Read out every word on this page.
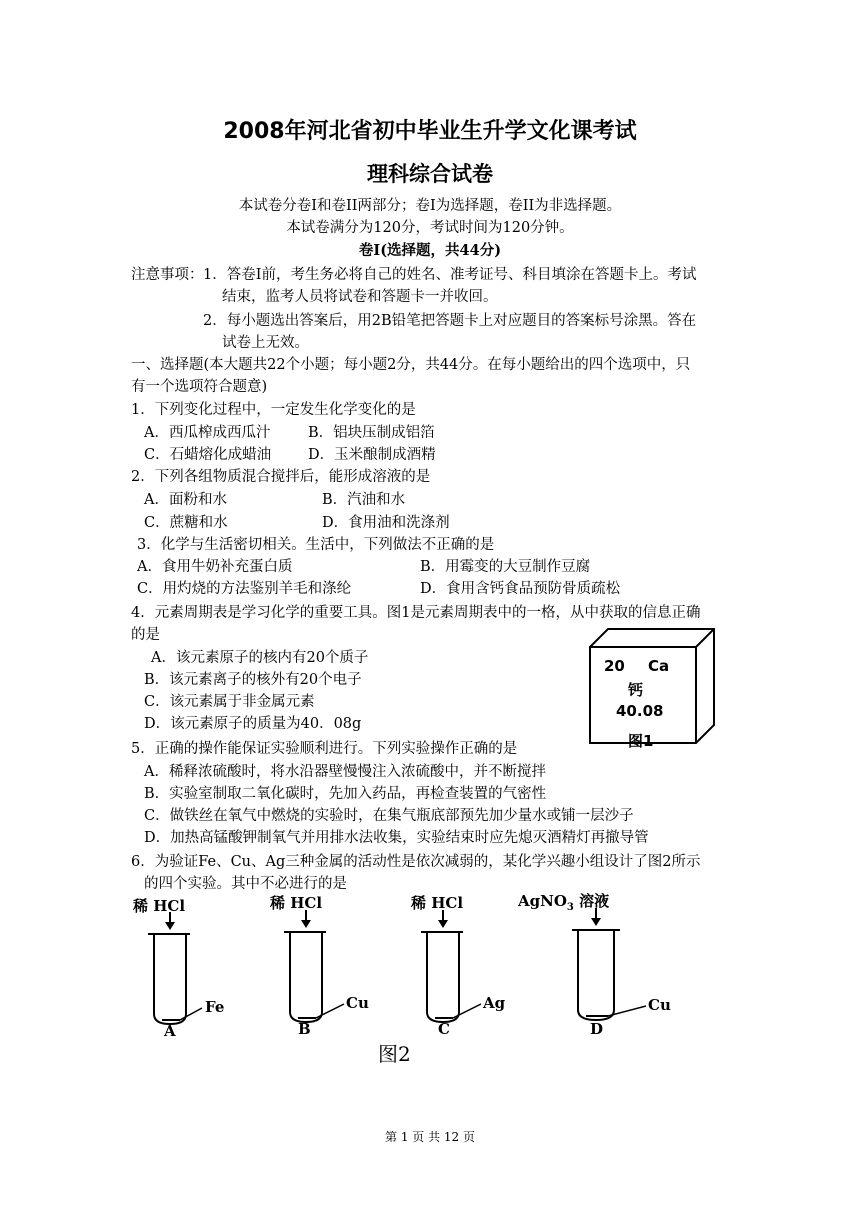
2008年河北省初中毕业生升学文化课考试
理科综合试卷
本试卷分卷I和卷II两部分；卷I为选择题，卷II为非选择题。
本试卷满分为120分，考试时间为120分钟。
卷I(选择题，共44分)
注意事项： 1．答卷I前，考生务必将自己的姓名、准考证号、科目填涂在答题卡上。考试
结束，监考人员将试卷和答题卡一并收回。
2．每小题选出答案后，用2B铅笔把答题卡上对应题目的答案标号涂黑。答在
试卷上无效。
一、选择题(本大题共22个小题；每小题2分，共44分。在每小题给出的四个选项中，只
有一个选项符合题意)
1．下列变化过程中，一定发生化学变化的是
A．西瓜榨成西瓜汁	B．铝块压制成铝箔
C．石蜡熔化成蜡油	D．玉米酿制成酒精
2．下列各组物质混合搅拌后，能形成溶液的是
A．面粉和水	B．汽油和水
C．蔗糖和水	D．食用油和洗涤剂
3．化学与生活密切相关。生活中，下列做法不正确的是
A．食用牛奶补充蛋白质	B．用霉变的大豆制作豆腐
C．用灼烧的方法鉴别羊毛和涤纶	D．食用含钙食品预防骨质疏松
4．元素周期表是学习化学的重要工具。图1是元素周期表中的一格，从中获取的信息正确
的是
A．该元素原子的核内有20个质子
B．该元素离子的核外有20个电子
C．该元素属于非金属元素
D．该元素原子的质量为40．08g
20 Ca
钙
40.08
图1
5．正确的操作能保证实验顺利进行。下列实验操作正确的是
A．稀释浓硫酸时，将水沿器壁慢慢注入浓硫酸中，并不断搅拌
B．实验室制取二氧化碳时，先加入药品，再检查装置的气密性
C．做铁丝在氧气中燃烧的实验时，在集气瓶底部预先加少量水或铺一层沙子
D．加热高锰酸钾制氧气并用排水法收集，实验结束时应先熄灭酒精灯再撤导管
6．为验证Fe、Cu、Ag三种金属的活动性是依次减弱的，某化学兴趣小组设计了图2所示
的四个实验。其中不必进行的是
稀 HCl
Fe
A
稀 HCl
Cu
B
稀 HCl
Ag
C
AgNO$_3$ 溶液
Cu
D
图2
第 1 页 共 12 页
